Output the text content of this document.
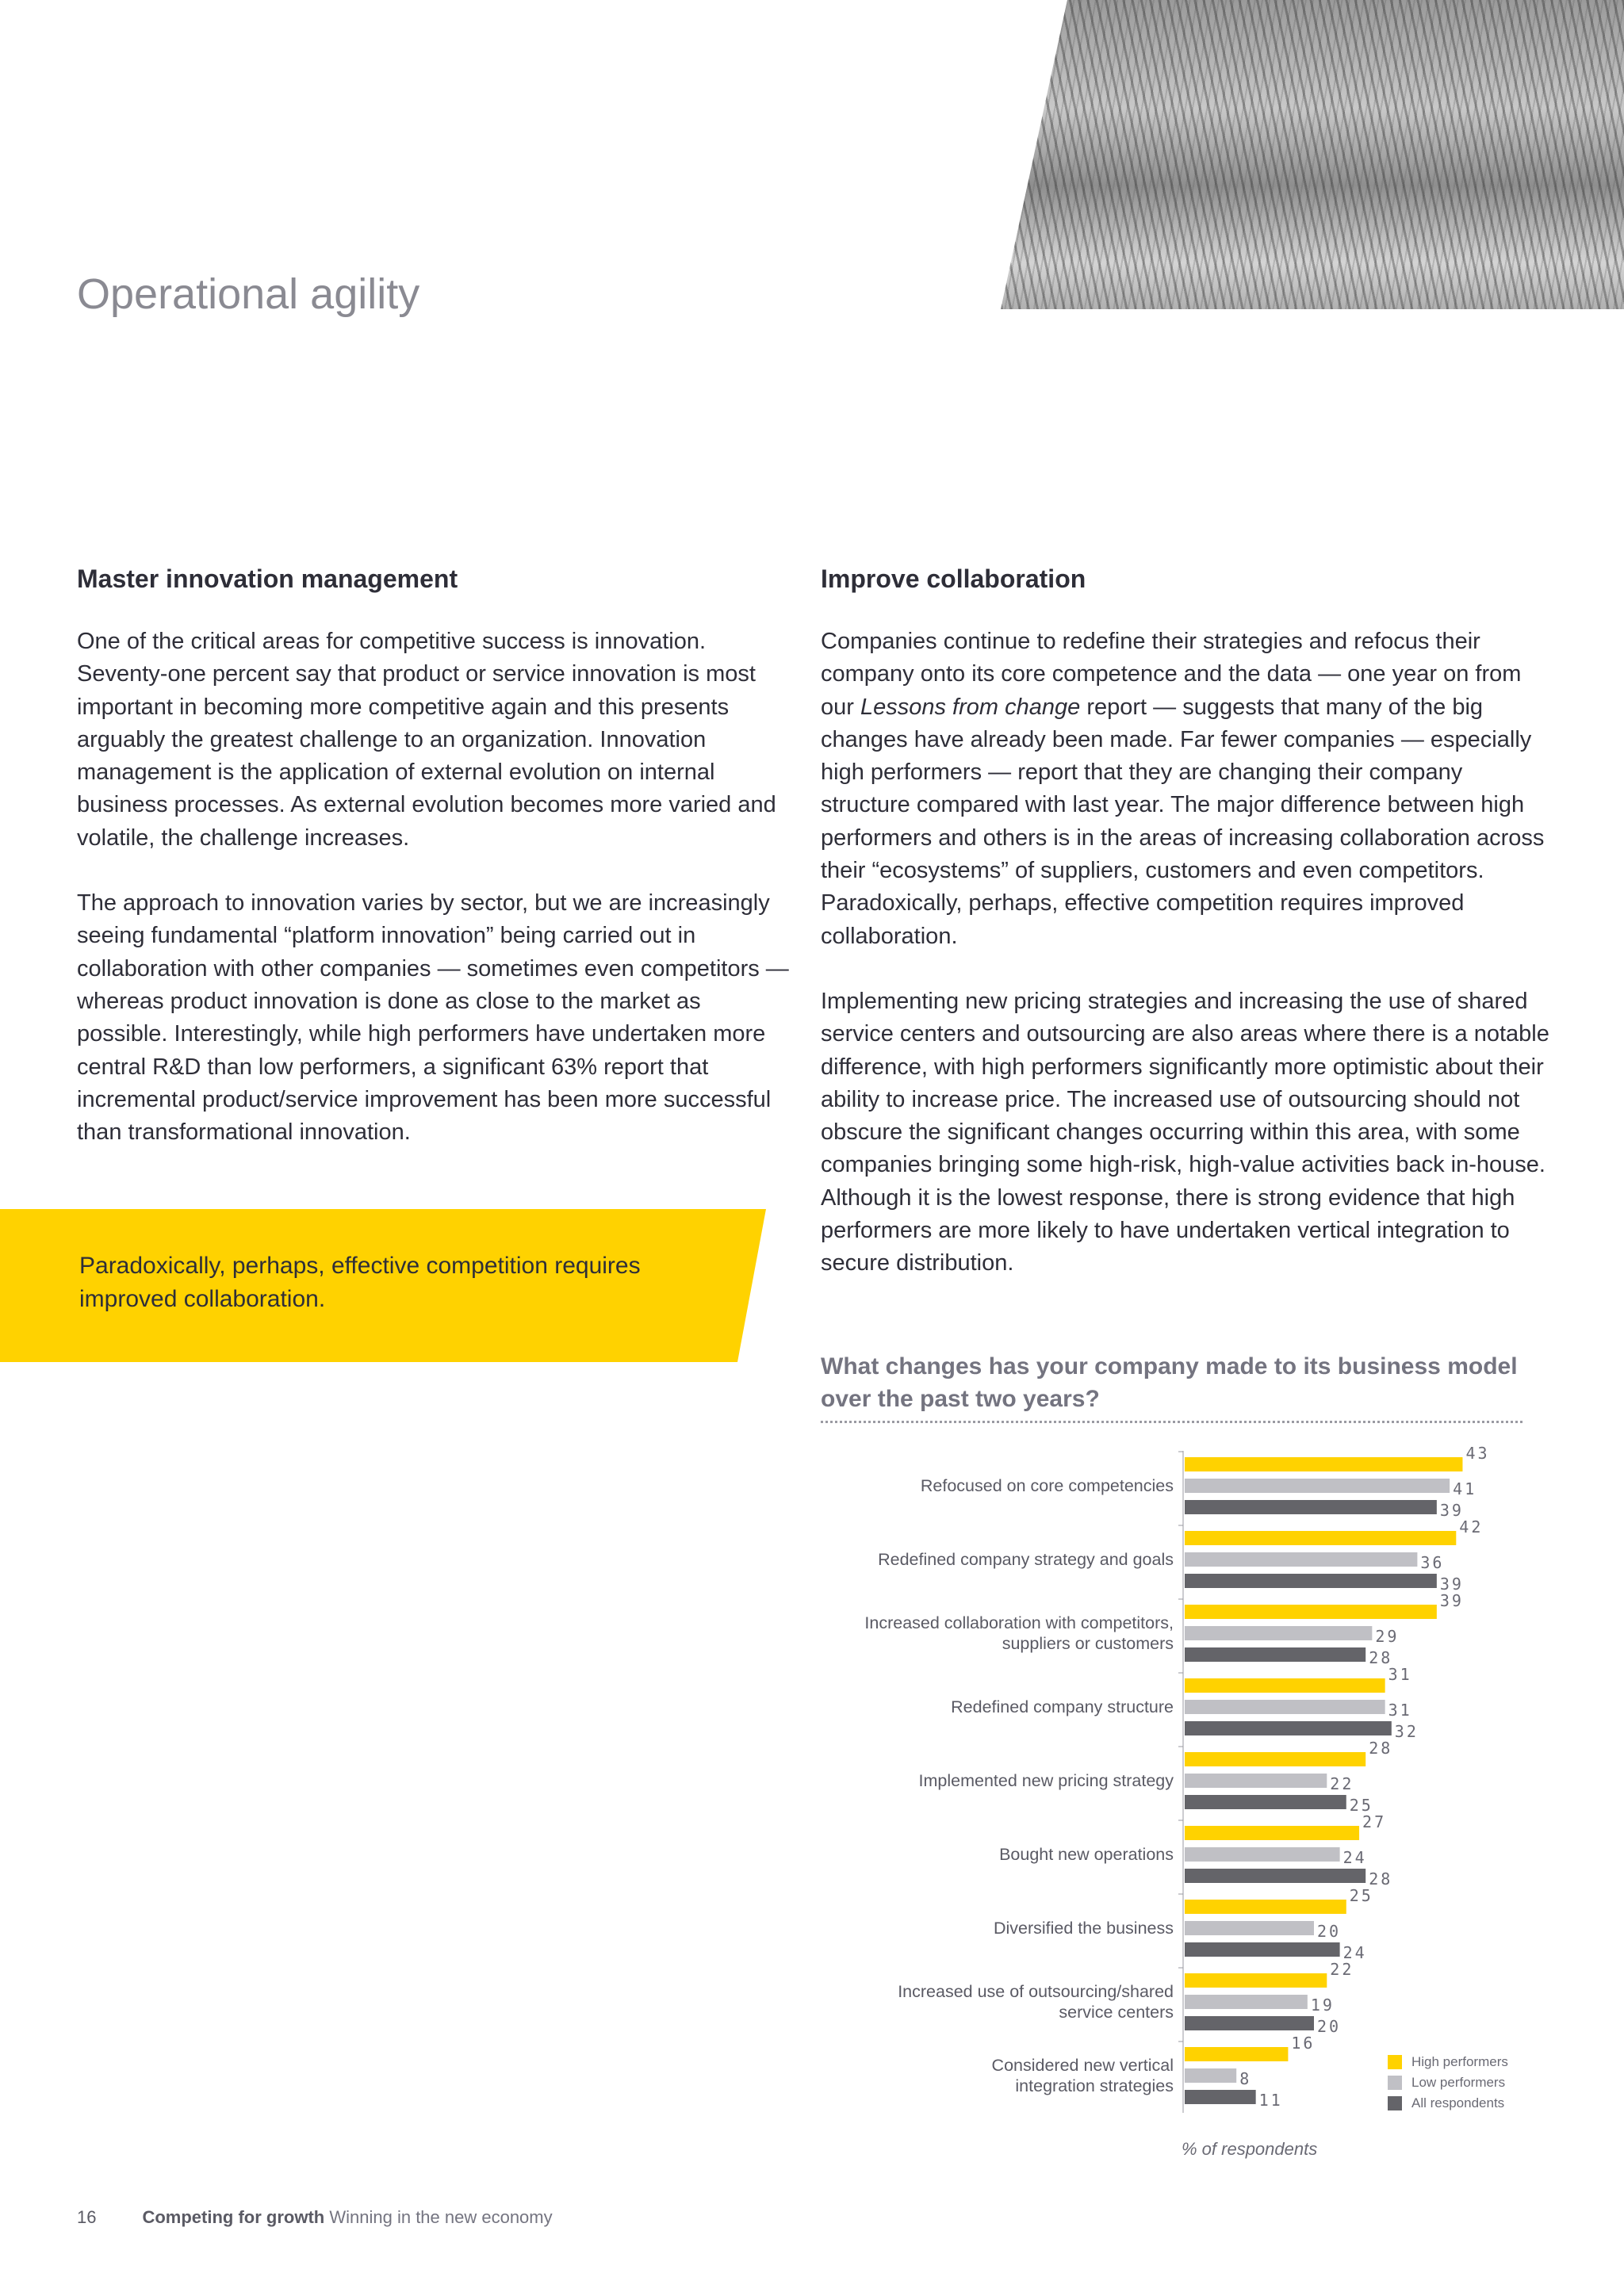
Operational agility
Master innovation management

One of the critical areas for competitive success is innovation. Seventy-one percent say that product or service innovation is most important in becoming more competitive again and this presents arguably the greatest challenge to an organization. Innovation management is the application of external evolution on internal business processes. As external evolution becomes more varied and volatile, the challenge increases.

The approach to innovation varies by sector, but we are increasingly seeing fundamental “platform innovation” being carried out in collaboration with other companies — sometimes even competitors — whereas product innovation is done as close to the market as possible. Interestingly, while high performers have undertaken more central R&D than low performers, a significant 63% report that incremental product/service improvement has been more successful than transformational innovation.

Paradoxically, perhaps, effective competition requires improved collaboration.
Improve collaboration

Companies continue to redefine their strategies and refocus their company onto its core competence and the data — one year on from our Lessons from change report — suggests that many of the big changes have already been made. Far fewer companies — especially high performers — report that they are changing their company structure compared with last year. The major difference between high performers and others is in the areas of increasing collaboration across their “ecosystems” of suppliers, customers and even competitors. Paradoxically, perhaps, effective competition requires improved collaboration.

Implementing new pricing strategies and increasing the use of shared service centers and outsourcing are also areas where there is a notable difference, with high performers significantly more optimistic about their ability to increase price. The increased use of outsourcing should not obscure the significant changes occurring within this area, with some companies bringing some high-risk, high-value activities back in-house. Although it is the lowest response, there is strong evidence that high performers are more likely to have undertaken vertical integration to secure distribution.

What changes has your company made to its business model over the past two years?
Refocused on core competencies
43
41
39
Redefined company strategy and goals
42
36
39
Increased collaboration with competitors, suppliers or customers
39
29
28
Redefined company structure
31
31
32
Implemented new pricing strategy
28
22
25
Bought new operations
27
24
28
Diversified the business
25
20
24
Increased use of outsourcing/shared service centers
22
19
20
Considered new vertical integration strategies
16
8
11
High performers
Low performers
All respondents
% of respondents
16	Competing for growth Winning in the new economy
